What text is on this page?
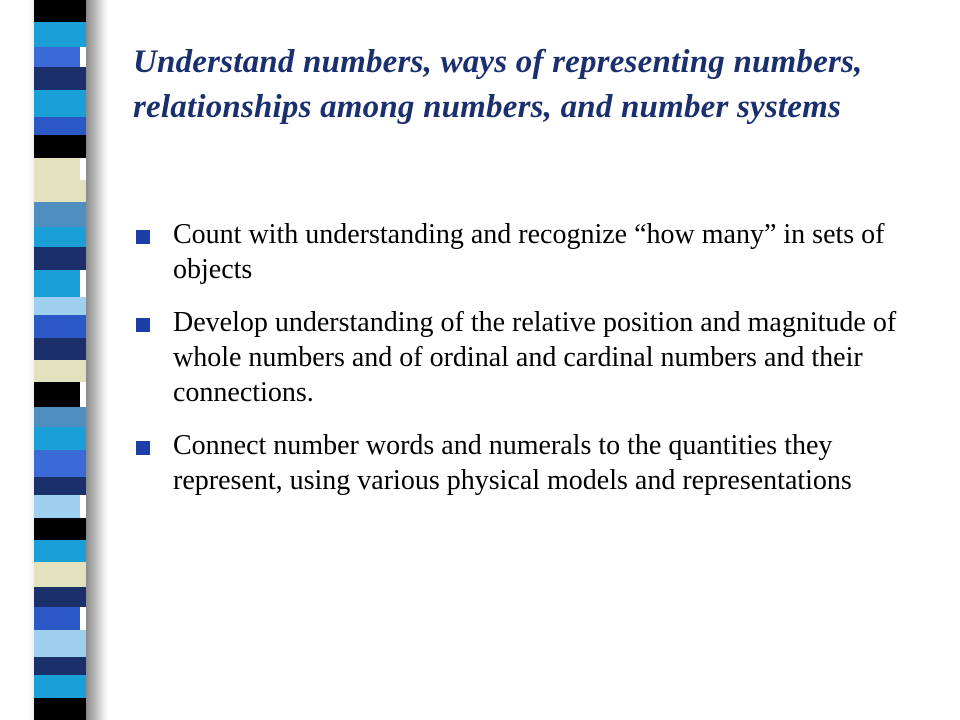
Understand numbers, ways of representing numbers, relationships among numbers, and number systems
Count with understanding and recognize “how many” in sets of objects
Develop understanding of the relative position and magnitude of whole numbers and of ordinal and cardinal numbers and their connections.
Connect number words and numerals to the quantities they represent, using various physical models and representations
